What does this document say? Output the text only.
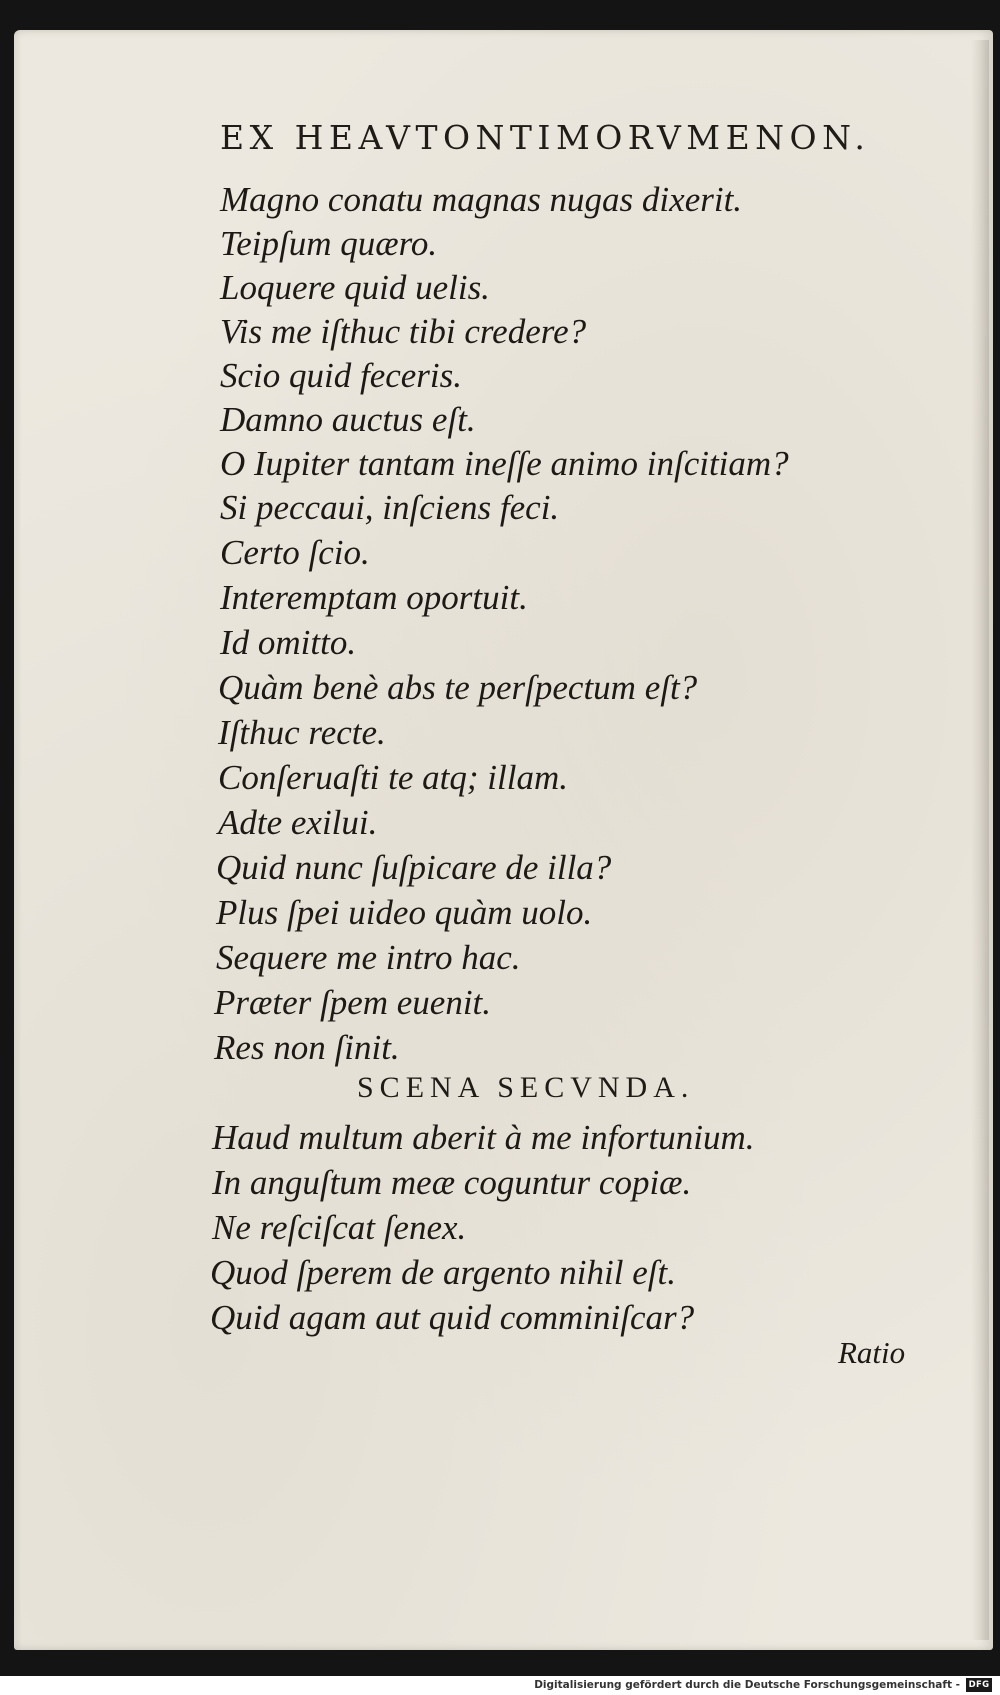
EX HEAVTONTIMORVMENON.
Magno conatu magnas nugas dixerit.
Teipſum quæro.
Loquere quid uelis.
Vis me iſthuc tibi credere?
Scio quid feceris.
Damno auctus eſt.
O Iupiter tantam ineſſe animo inſcitiam?
Si peccaui, inſciens feci.
Certo ſcio.
Interemptam oportuit.
Id omitto.
Quàm benè abs te perſpectum eſt?
Iſthuc recte.
Conſeruaſti te atq; illam.
Adte exilui.
Quid nunc ſuſpicare de illa?
Plus ſpei uideo quàm uolo.
Sequere me intro hac.
Præter ſpem euenit.
Res non ſinit.
SCENA SECVNDA.
Haud multum aberit à me infortunium.
In anguſtum meæ coguntur copiæ.
Ne reſciſcat ſenex.
Quod ſperem de argento nihil eſt.
Quid agam aut quid comminiſcar?
Ratio
Digitalisierung gefördert durch die Deutsche Forschungsgemeinschaft -	DFG
